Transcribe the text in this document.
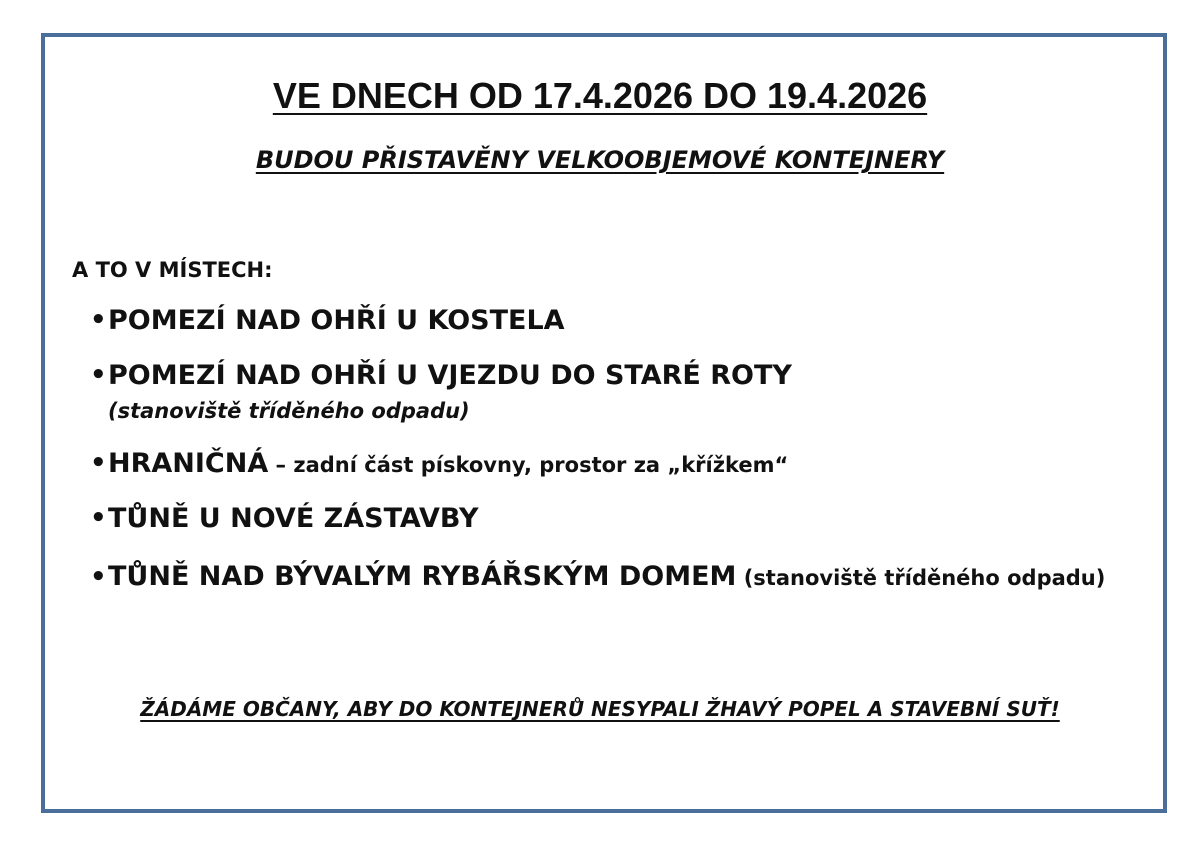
VE DNECH OD 17.4.2026 DO 19.4.2026
BUDOU PŘISTAVĚNY VELKOOBJEMOVÉ KONTEJNERY
A TO V MÍSTECH:
• POMEZÍ NAD OHŘÍ U KOSTELA
• POMEZÍ NAD OHŘÍ U VJEZDU DO STARÉ ROTY
(stanoviště tříděného odpadu)
• HRANIČNÁ – zadní část pískovny, prostor za „křížkem“
• TŮNĚ U NOVÉ ZÁSTAVBY
• TŮNĚ NAD BÝVALÝM RYBÁŘSKÝM DOMEM (stanoviště tříděného odpadu)
ŽÁDÁME OBČANY, ABY DO KONTEJNERŮ NESYPALI ŽHAVÝ POPEL A STAVEBNÍ SUŤ!
